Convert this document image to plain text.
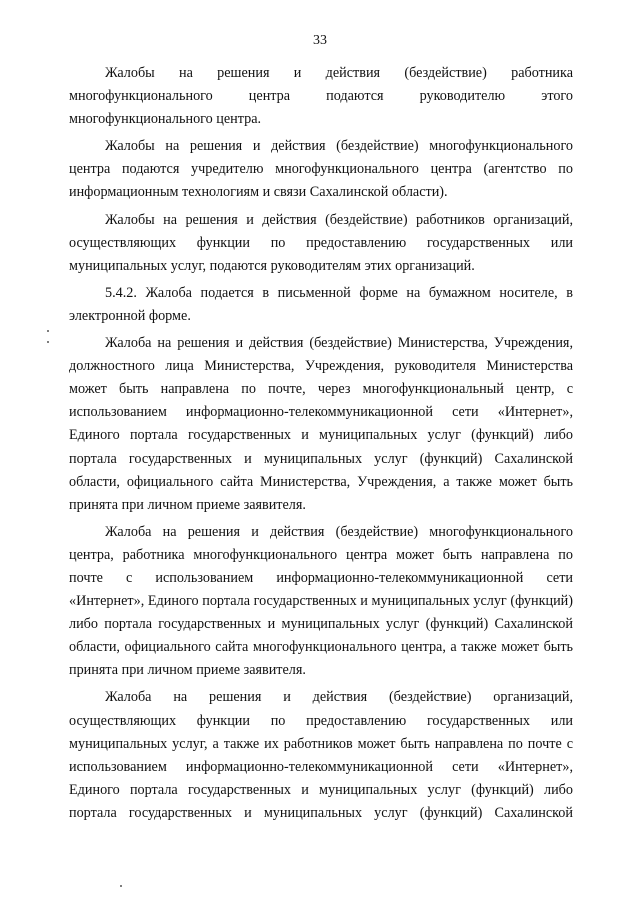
33

Жалобы на решения и действия (бездействие) работника многофункционального центра подаются руководителю этого многофункционального центра.

Жалобы на решения и действия (бездействие) многофункционального центра подаются учредителю многофункционального центра (агентство по информационным технологиям и связи Сахалинской области).

Жалобы на решения и действия (бездействие) работников организаций, осуществляющих функции по предоставлению государственных или муниципальных услуг, подаются руководителям этих организаций.

5.4.2. Жалоба подается в письменной форме на бумажном носителе, в электронной форме.

Жалоба на решения и действия (бездействие) Министерства, Учреждения, должностного лица Министерства, Учреждения, руководителя Министерства может быть направлена по почте, через многофункциональный центр, с использованием информационно-телекоммуникационной сети «Интернет», Единого портала государственных и муниципальных услуг (функций) либо портала государственных и муниципальных услуг (функций) Сахалинской области, официального сайта Министерства, Учреждения, а также может быть принята при личном приеме заявителя.

Жалоба на решения и действия (бездействие) многофункционального центра, работника многофункционального центра может быть направлена по почте с использованием информационно-телекоммуникационной сети «Интернет», Единого портала государственных и муниципальных услуг (функций) либо портала государственных и муниципальных услуг (функций) Сахалинской области, официального сайта многофункционального центра, а также может быть принята при личном приеме заявителя.

Жалоба на решения и действия (бездействие) организаций, осуществляющих функции по предоставлению государственных или муниципальных услуг, а также их работников может быть направлена по почте с использованием информационно-телекоммуникационной сети «Интернет», Единого портала государственных и муниципальных услуг (функций) либо портала государственных и муниципальных услуг (функций) Сахалинской
